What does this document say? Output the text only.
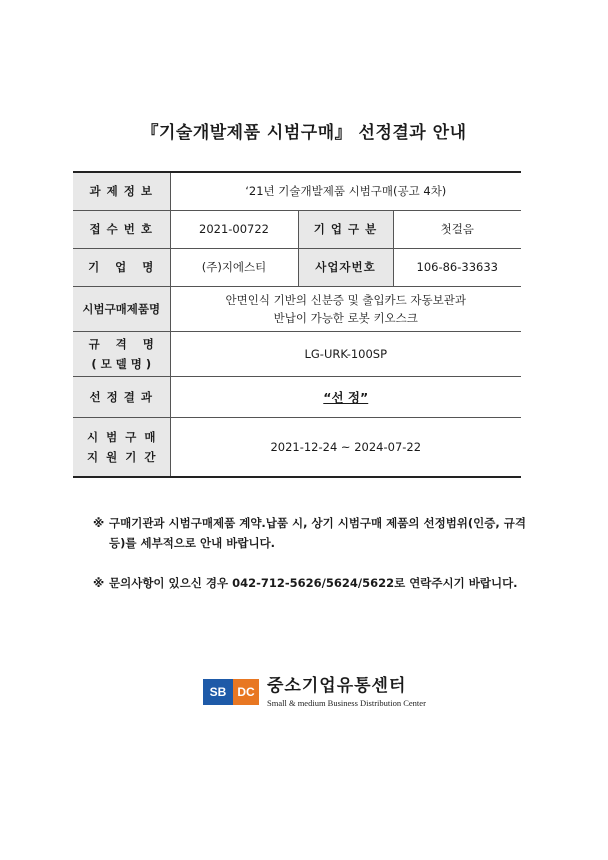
『기술개발제품 시범구매』 선정결과 안내
과 제 정 보	‘21년 기술개발제품 시범구매(공고 4차)		
접 수 번 호	2021-00722	기 업 구 분	첫걸음
기   업   명	(주)지에스티	사업자번호	106-86-33633
시범구매제품명	안면인식 기반의 신분증 및 출입카드 자동보관과
반납이 가능한 로봇 키오스크		

규    격    명
( 모 델 명 )	LG-URK-100SP		
선 정 결 과	“선 정”		

시  범  구  매
지  원  기  간	2021-12-24 ~ 2024-07-22		
※ 구매기관과 시범구매제품 계약.납품 시, 상기 시범구매 제품의 선정범위(인증, 규격 등)를 세부적으로 안내 바랍니다.
※ 문의사항이 있으신 경우 042-712-5626/5624/5622로 연락주시기 바랍니다.
SB DC 중소기업유통센터
Small & medium Business Distribution Center
